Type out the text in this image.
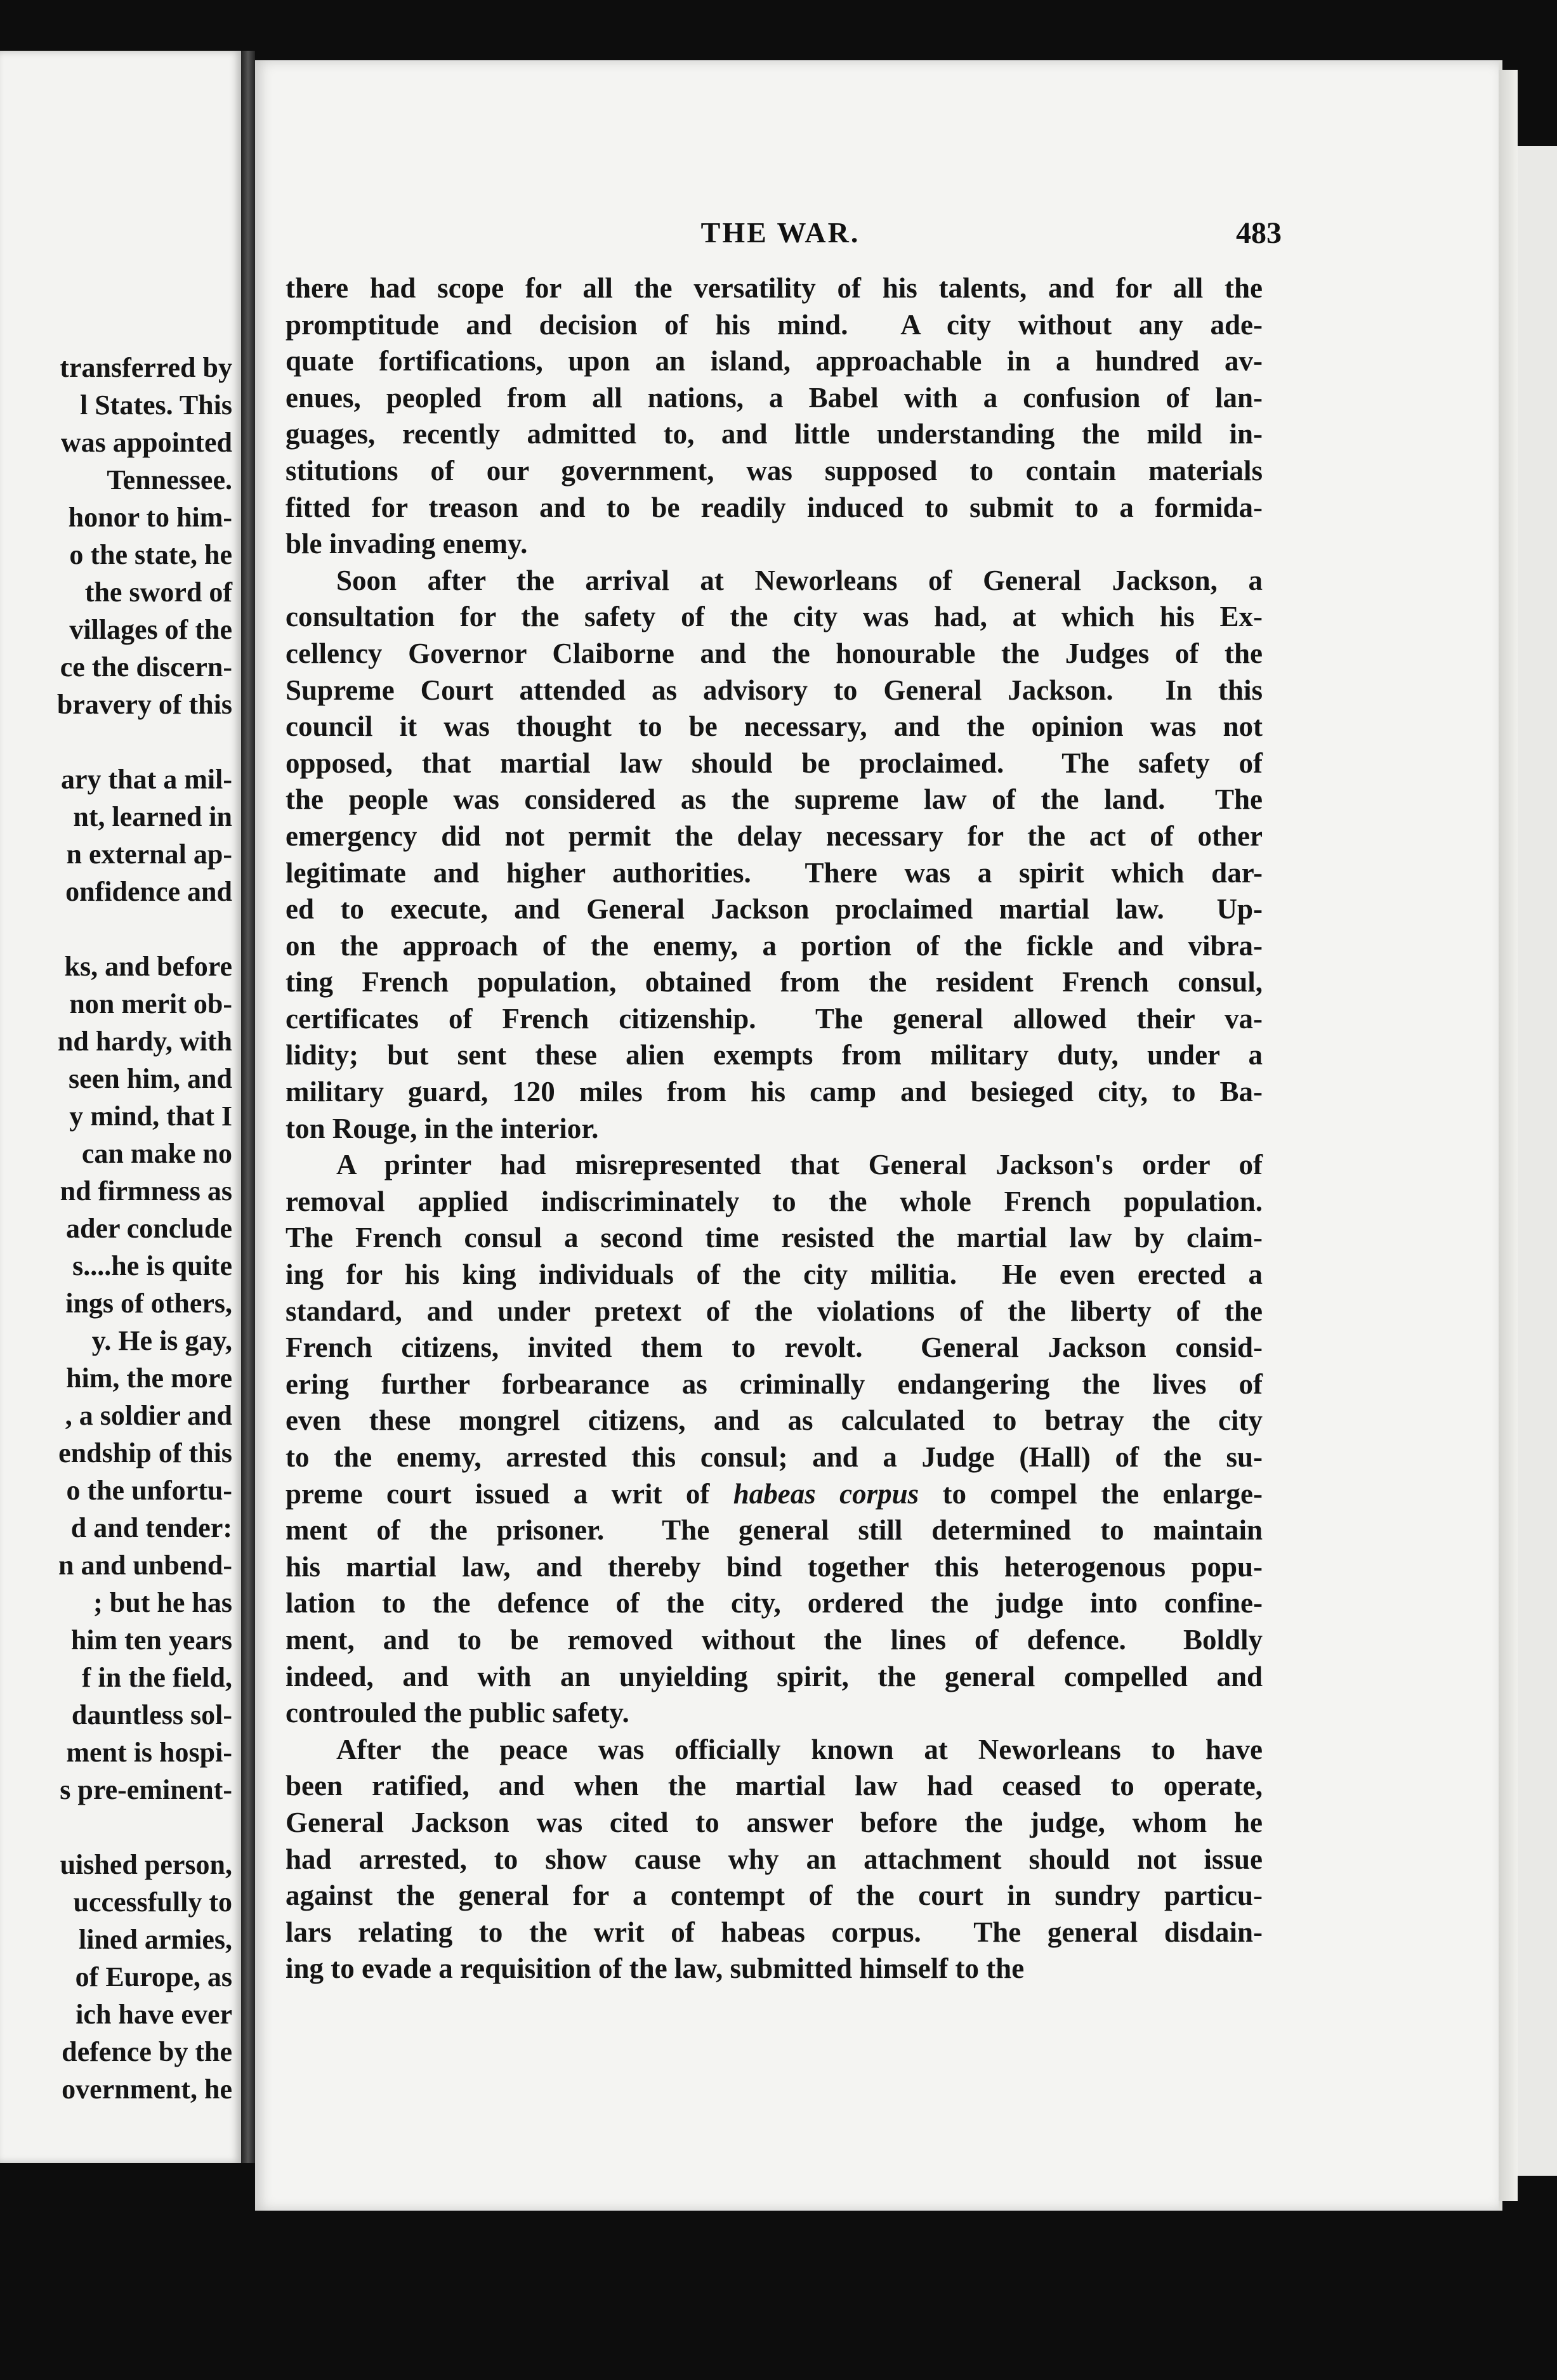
transferred by
l States. This
was appointed
Tennessee.
honor to him-
o the state, he
the sword of
villages of the
ce the discern-
bravery of this
ary that a mil-
nt, learned in
n external ap-
onfidence and
ks, and before
non merit ob-
nd hardy, with
seen him, and
y mind, that I
can make no
nd firmness as
ader conclude
s....he is quite
ings of others,
y. He is gay,
him, the more
, a soldier and
endship of this
o the unfortu-
d and tender:
n and unbend-
; but he has
him ten years
f in the field,
dauntless sol-
ment is hospi-
s pre-eminent-
uished person,
uccessfully to
lined armies,
of Europe, as
ich have ever
defence by the
overnment, he
THE WAR.	483
there had scope for all the versatility of his talents, and for all the
promptitude and decision of his mind.  A city without any ade-
quate fortifications, upon an island, approachable in a hundred av-
enues, peopled from all nations, a Babel with a confusion of lan-
guages, recently admitted to, and little understanding the mild in-
stitutions of our government, was supposed to contain materials
fitted for treason and to be readily induced to submit to a formida-
ble invading enemy.
Soon after the arrival at Neworleans of General Jackson, a
consultation for the safety of the city was had, at which his Ex-
cellency Governor Claiborne and the honourable the Judges of the
Supreme Court attended as advisory to General Jackson.  In this
council it was thought to be necessary, and the opinion was not
opposed, that martial law should be proclaimed.  The safety of
the people was considered as the supreme law of the land.  The
emergency did not permit the delay necessary for the act of other
legitimate and higher authorities.  There was a spirit which dar-
ed to execute, and General Jackson proclaimed martial law.  Up-
on the approach of the enemy, a portion of the fickle and vibra-
ting French population, obtained from the resident French consul,
certificates of French citizenship.  The general allowed their va-
lidity; but sent these alien exempts from military duty, under a
military guard, 120 miles from his camp and besieged city, to Ba-
ton Rouge, in the interior.
A printer had misrepresented that General Jackson's order of
removal applied indiscriminately to the whole French population.
The French consul a second time resisted the martial law by claim-
ing for his king individuals of the city militia.  He even erected a
standard, and under pretext of the violations of the liberty of the
French citizens, invited them to revolt.  General Jackson consid-
ering further forbearance as criminally endangering the lives of
even these mongrel citizens, and as calculated to betray the city
to the enemy, arrested this consul; and a Judge (Hall) of the su-
preme court issued a writ of habeas corpus to compel the enlarge-
ment of the prisoner.  The general still determined to maintain
his martial law, and thereby bind together this heterogenous popu-
lation to the defence of the city, ordered the judge into confine-
ment, and to be removed without the lines of defence.  Boldly
indeed, and with an unyielding spirit, the general compelled and
controuled the public safety.
After the peace was officially known at Neworleans to have
been ratified, and when the martial law had ceased to operate,
General Jackson was cited to answer before the judge, whom he
had arrested, to show cause why an attachment should not issue
against the general for a contempt of the court in sundry particu-
lars relating to the writ of habeas corpus.  The general disdain-
ing to evade a requisition of the law, submitted himself to the
